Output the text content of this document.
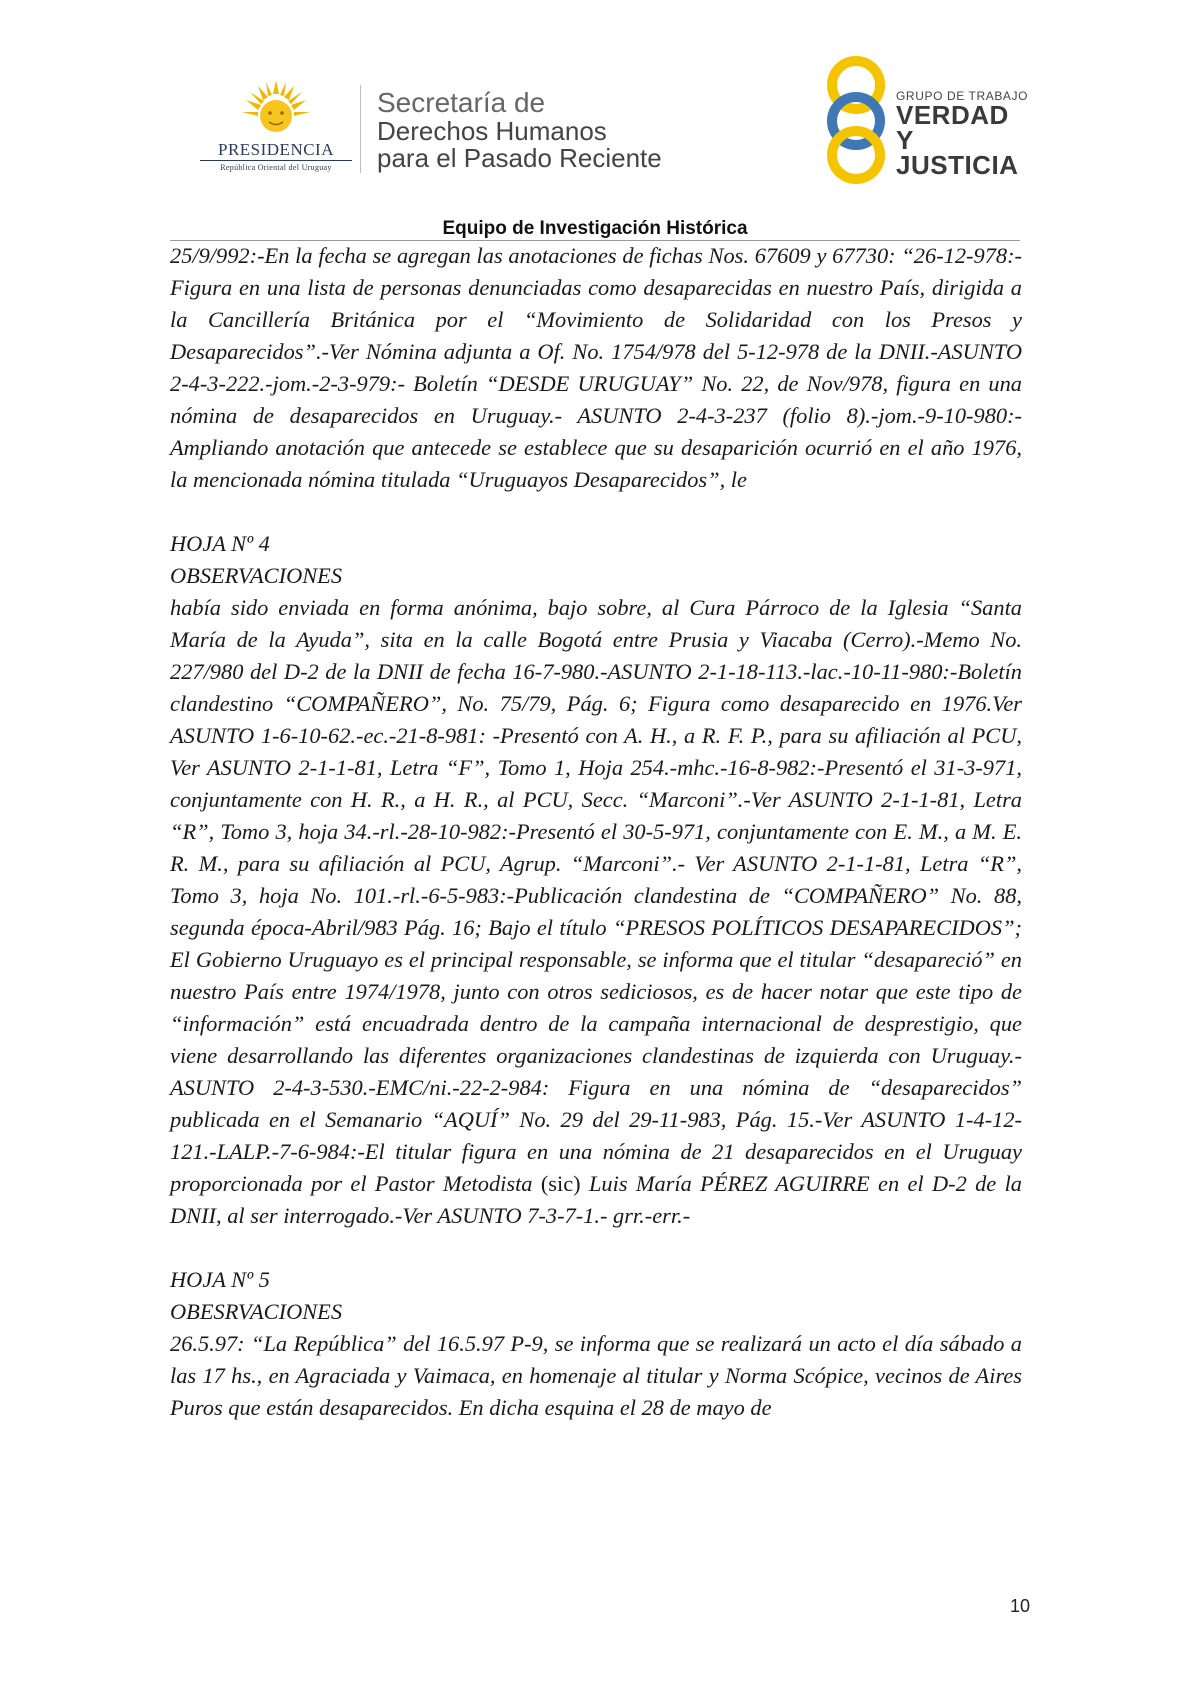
PRESIDENCIA
República Oriental del Uruguay
Secretaría de
Derechos Humanos
para el Pasado Reciente
GRUPO DE TRABAJO
VERDAD Y
JUSTICIA
Equipo de Investigación Histórica

25/9/992:-En la fecha se agregan las anotaciones de fichas Nos. 67609 y 67730: “26-12-978:- Figura en una lista de personas denunciadas como desaparecidas en nuestro País, dirigida a la Cancillería Británica por el “Movimiento de Solidaridad con los Presos y Desaparecidos”.-Ver Nómina adjunta a Of. No. 1754/978 del 5-12-978 de la DNII.-ASUNTO 2-4-3-222.-jom.-2-3-979:- Boletín “DESDE URUGUAY” No. 22, de Nov/978, figura en una nómina de desaparecidos en Uruguay.- ASUNTO 2-4-3-237 (folio 8).-jom.-9-10-980:-Ampliando anotación que antecede se establece que su desaparición ocurrió en el año 1976, la mencionada nómina titulada “Uruguayos Desaparecidos”, le

HOJA Nº 4

OBSERVACIONES

había sido enviada en forma anónima, bajo sobre, al Cura Párroco de la Iglesia “Santa María de la Ayuda”, sita en la calle Bogotá entre Prusia y Viacaba (Cerro).-Memo No. 227/980 del D-2 de la DNII de fecha 16-7-980.-ASUNTO 2-1-18-113.-lac.-10-11-980:-Boletín clandestino “COMPAÑERO”, No. 75/79, Pág. 6; Figura como desaparecido en 1976.Ver ASUNTO 1-6-10-62.-ec.-21-8-981: -Presentó con A. H., a R. F. P., para su afiliación al PCU, Ver ASUNTO 2-1-1-81, Letra “F”, Tomo 1, Hoja 254.-mhc.-16-8-982:-Presentó el 31-3-971, conjuntamente con H. R., a H. R., al PCU, Secc. “Marconi”.-Ver ASUNTO 2-1-1-81, Letra “R”, Tomo 3, hoja 34.-rl.-28-10-982:-Presentó el 30-5-971, conjuntamente con E. M., a M. E. R. M., para su afiliación al PCU, Agrup. “Marconi”.- Ver ASUNTO 2-1-1-81, Letra “R”, Tomo 3, hoja No. 101.-rl.-6-5-983:-Publicación clandestina de “COMPAÑERO” No. 88, segunda época-Abril/983 Pág. 16; Bajo el título “PRESOS POLÍTICOS DESAPARECIDOS”; El Gobierno Uruguayo es el principal responsable, se informa que el titular “desapareció” en nuestro País entre 1974/1978, junto con otros sediciosos, es de hacer notar que este tipo de “información” está encuadrada dentro de la campaña internacional de desprestigio, que viene desarrollando las diferentes organizaciones clandestinas de izquierda con Uruguay.-ASUNTO 2-4-3-530.-EMC/ni.-22-2-984: Figura en una nómina de “desaparecidos” publicada en el Semanario “AQUÍ” No. 29 del 29-11-983, Pág. 15.-Ver ASUNTO 1-4-12-121.-LALP.-7-6-984:-El titular figura en una nómina de 21 desaparecidos en el Uruguay proporcionada por el Pastor Metodista (sic) Luis María PÉREZ AGUIRRE en el D-2 de la DNII, al ser interrogado.-Ver ASUNTO 7-3-7-1.- grr.-err.-

HOJA Nº 5

OBESRVACIONES

26.5.97: “La República” del 16.5.97 P-9, se informa que se realizará un acto el día sábado a las 17 hs., en Agraciada y Vaimaca, en homenaje al titular y Norma Scópice, vecinos de Aires Puros que están desaparecidos. En dicha esquina el 28 de mayo de

10
